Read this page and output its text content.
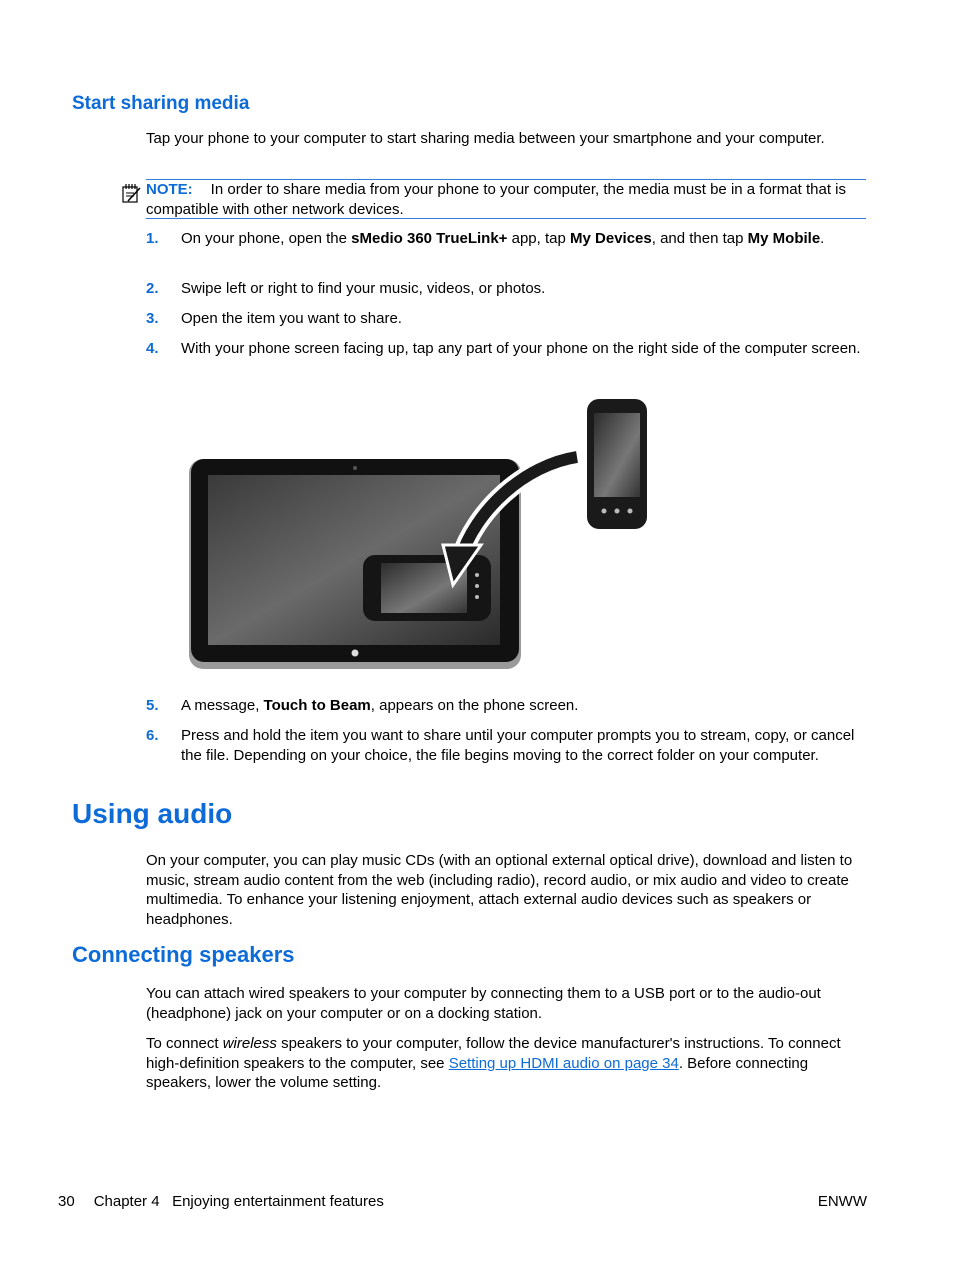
Start sharing media

Tap your phone to your computer to start sharing media between your smartphone and your computer.

NOTE: In order to share media from your phone to your computer, the media must be in a format that is compatible with other network devices.

1.	On your phone, open the sMedio 360 TrueLink+ app, tap My Devices, and then tap My Mobile.
2.	Swipe left or right to find your music, videos, or photos.
3.	Open the item you want to share.
4.	With your phone screen facing up, tap any part of your phone on the right side of the computer screen.
5.	A message, Touch to Beam, appears on the phone screen.
6.	Press and hold the item you want to share until your computer prompts you to stream, copy, or cancel the file. Depending on your choice, the file begins moving to the correct folder on your computer.
Using audio

On your computer, you can play music CDs (with an optional external optical drive), download and listen to music, stream audio content from the web (including radio), record audio, or mix audio and video to create multimedia. To enhance your listening enjoyment, attach external audio devices such as speakers or headphones.

Connecting speakers

You can attach wired speakers to your computer by connecting them to a USB port or to the audio-out (headphone) jack on your computer or on a docking station.

To connect wireless speakers to your computer, follow the device manufacturer's instructions. To connect high-definition speakers to the computer, see Setting up HDMI audio on page 34. Before connecting speakers, lower the volume setting.

30 Chapter 4   Enjoying entertainment features	ENWW
